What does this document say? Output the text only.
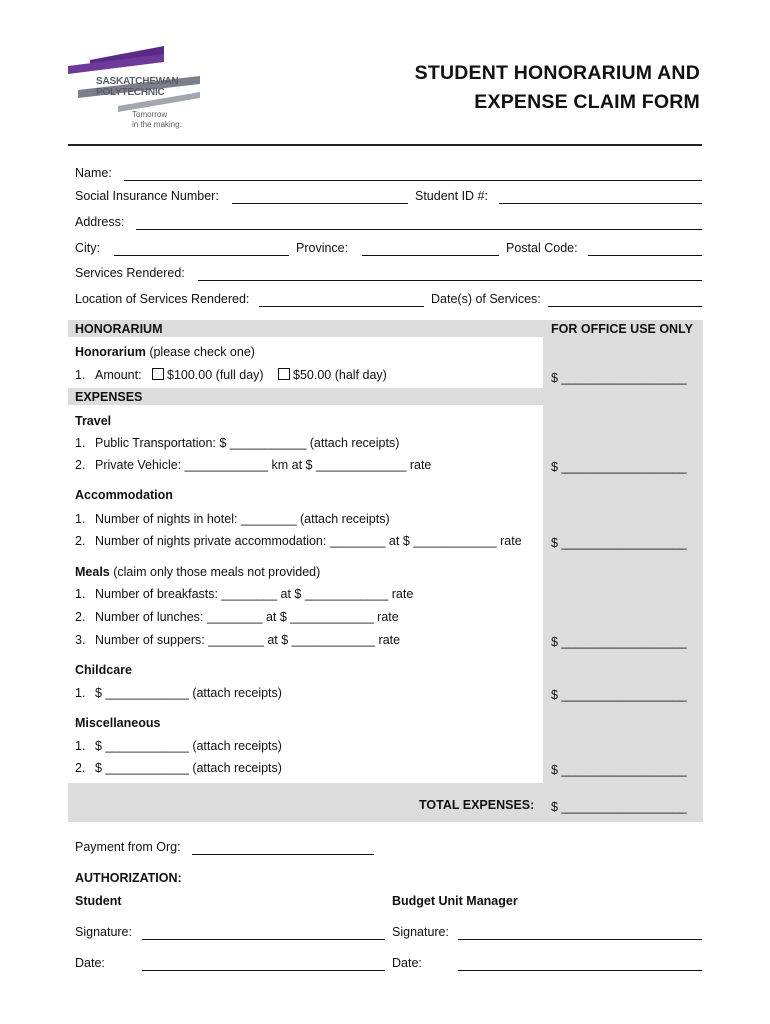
SASKATCHEWAN
POLYTECHNIC
Tomorrow
in the making.
STUDENT HONORARIUM AND
EXPENSE CLAIM FORM
Name:
Social Insurance Number:	Student ID #:
Address:
City:	Province:	Postal Code:
Services Rendered:
Location of Services Rendered:	Date(s) of Services:
HONORARIUM	FOR OFFICE USE ONLY
Honorarium (please check one)
1. Amount:	$100.00 (full day)	$50.00 (half day)	$ __________________
EXPENSES
Travel
1. Public Transportation: $ ___________ (attach receipts)
2. Private Vehicle: ____________ km at $ _____________ rate	$ __________________
Accommodation
1. Number of nights in hotel: ________ (attach receipts)
2. Number of nights private accommodation: ________ at $ ____________ rate $ __________________
Meals (claim only those meals not provided)
1. Number of breakfasts: ________ at $ ____________ rate
2. Number of lunches: ________ at $ ____________ rate
3. Number of suppers: ________ at $ ____________ rate	$ __________________
Childcare
1. $ ____________ (attach receipts)	$ __________________
Miscellaneous
1. $ ____________ (attach receipts)
2. $ ____________ (attach receipts)	$ __________________
TOTAL EXPENSES: $ __________________
Payment from Org:
AUTHORIZATION:
Student	Budget Unit Manager
Signature:	Signature:
Date:	Date:
